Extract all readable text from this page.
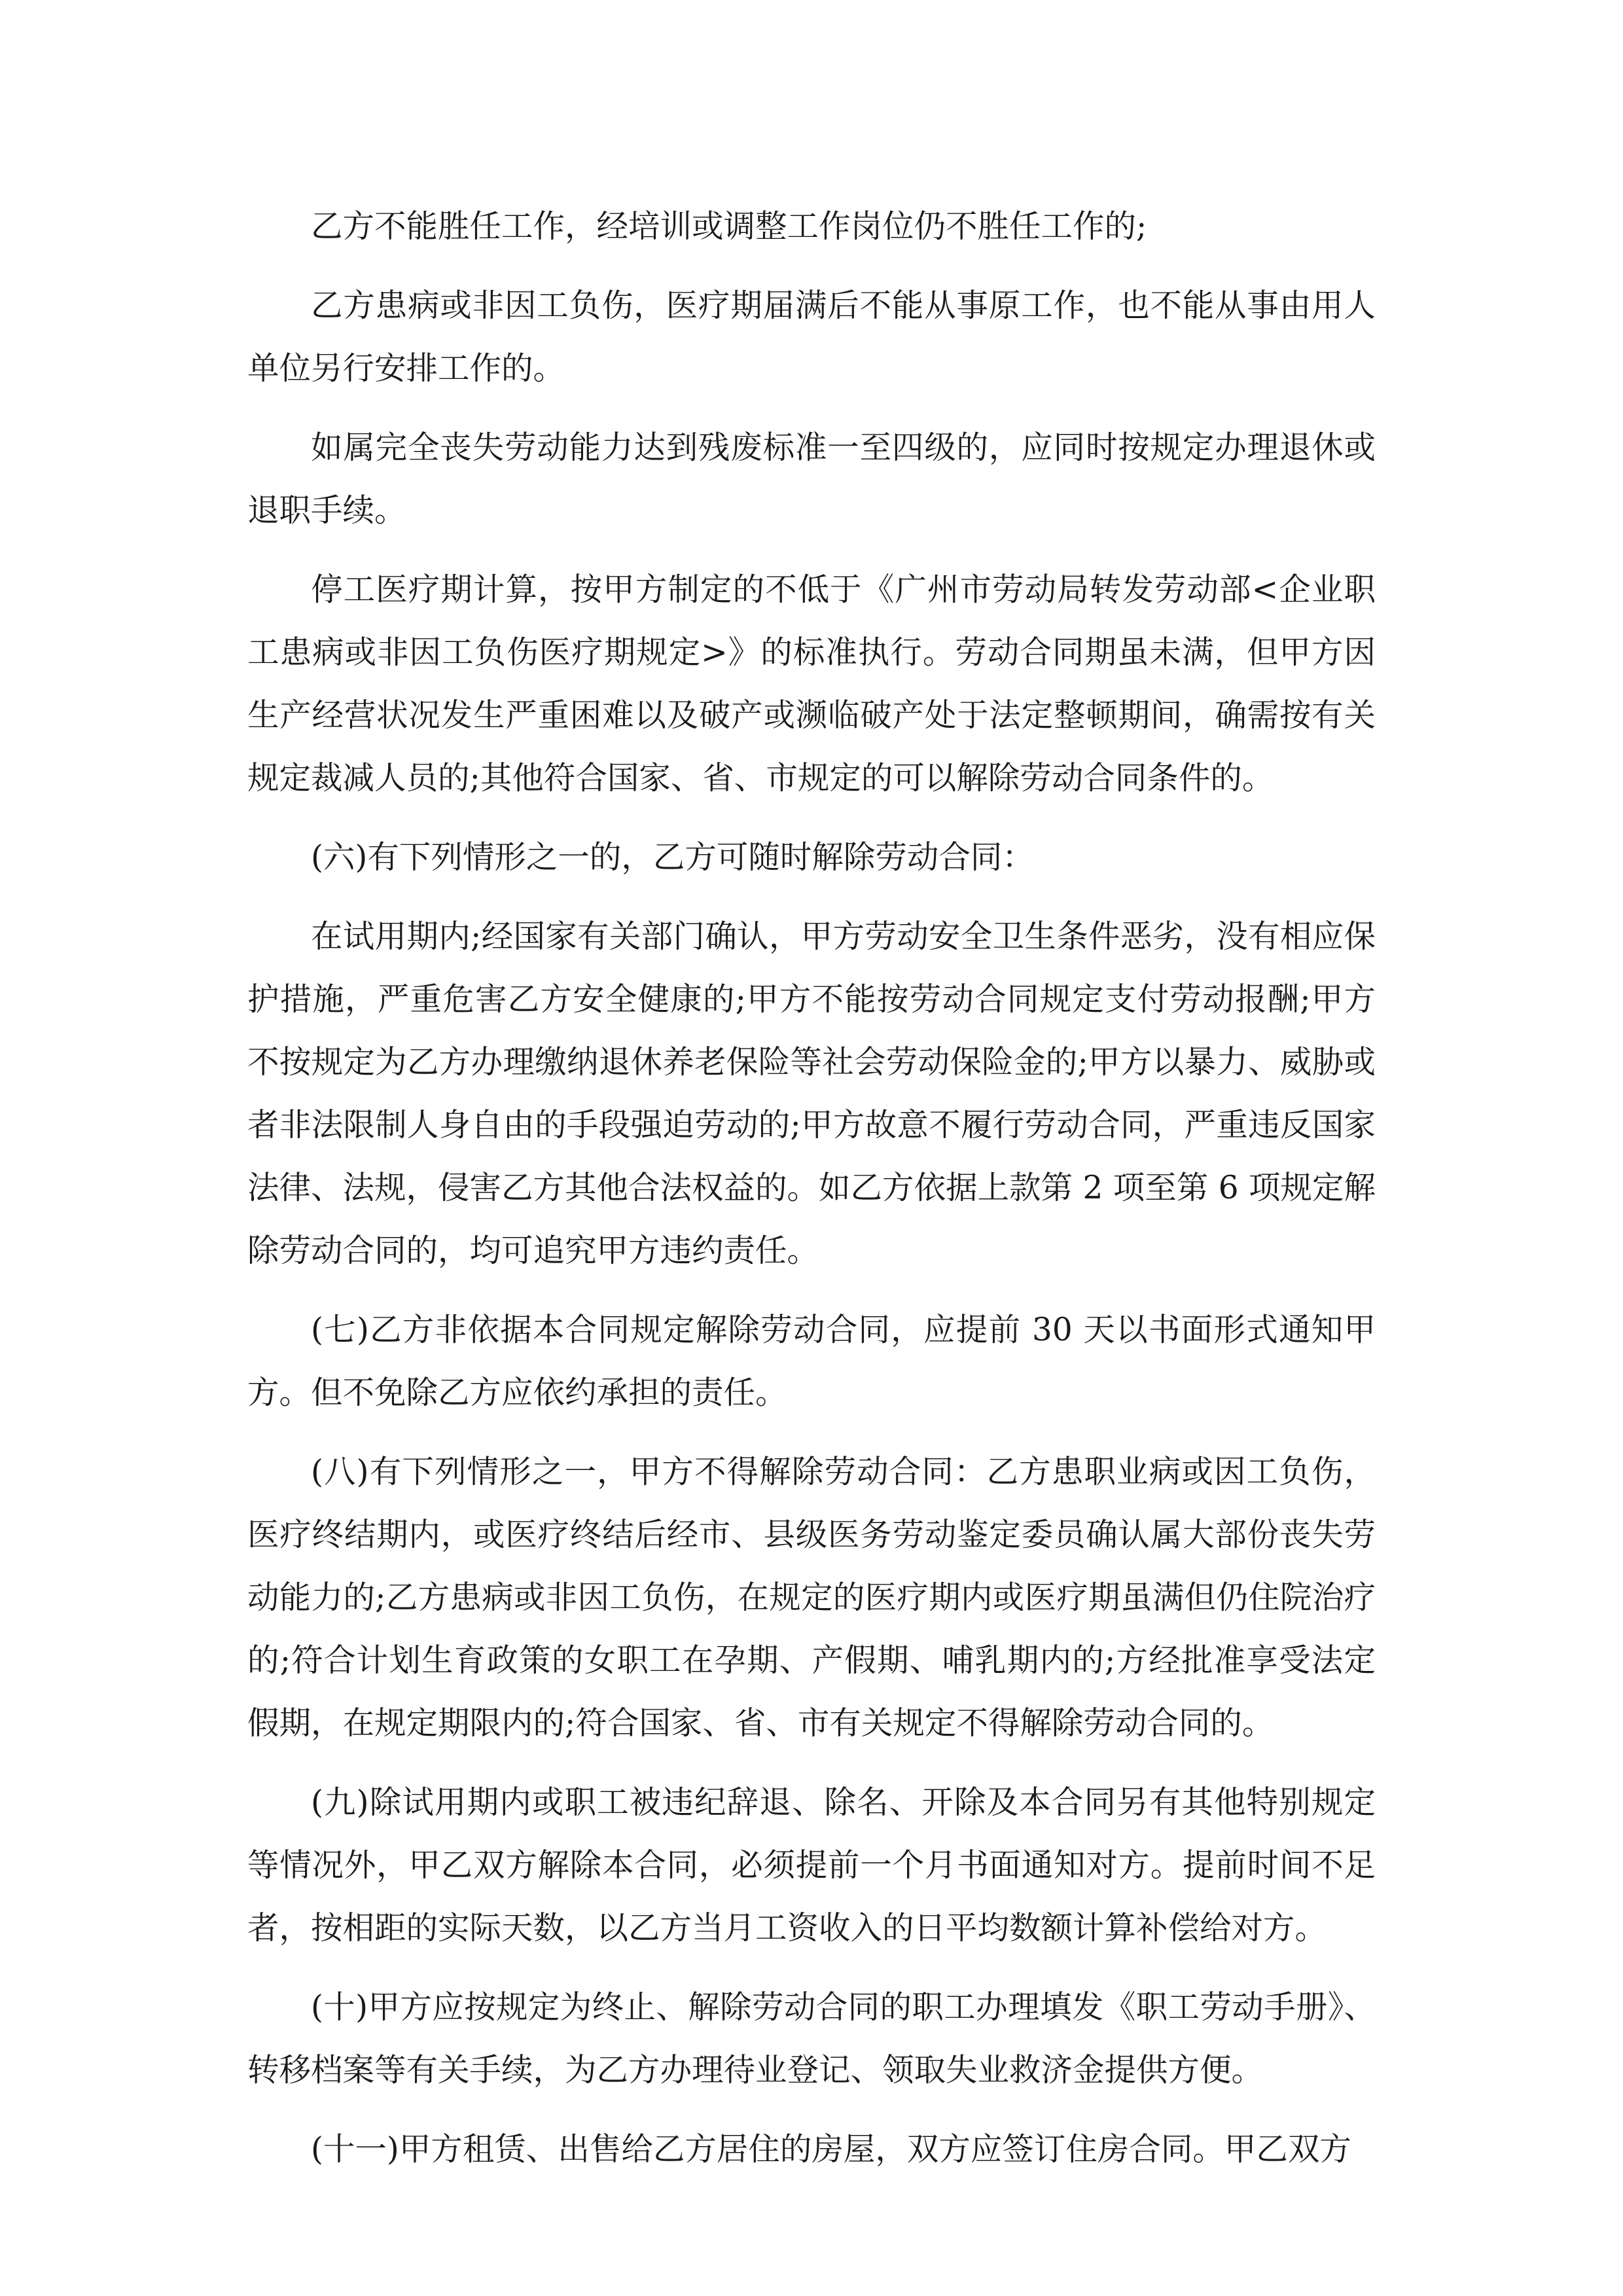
乙方不能胜任工作，经培训或调整工作岗位仍不胜任工作的;

乙方患病或非因工负伤，医疗期届满后不能从事原工作，也不能从事由用人单位另行安排工作的。

如属完全丧失劳动能力达到残废标准一至四级的，应同时按规定办理退休或退职手续。

停工医疗期计算，按甲方制定的不低于《广州市劳动局转发劳动部<企业职工患病或非因工负伤医疗期规定>》的标准执行。劳动合同期虽未满，但甲方因生产经营状况发生严重困难以及破产或濒临破产处于法定整顿期间，确需按有关规定裁减人员的;其他符合国家、省、市规定的可以解除劳动合同条件的。

(六)有下列情形之一的，乙方可随时解除劳动合同：

在试用期内;经国家有关部门确认，甲方劳动安全卫生条件恶劣，没有相应保护措施，严重危害乙方安全健康的;甲方不能按劳动合同规定支付劳动报酬;甲方不按规定为乙方办理缴纳退休养老保险等社会劳动保险金的;甲方以暴力、威胁或者非法限制人身自由的手段强迫劳动的;甲方故意不履行劳动合同，严重违反国家法律、法规，侵害乙方其他合法权益的。如乙方依据上款第 2 项至第 6 项规定解除劳动合同的，均可追究甲方违约责任。

(七)乙方非依据本合同规定解除劳动合同，应提前 30 天以书面形式通知甲方。但不免除乙方应依约承担的责任。

(八)有下列情形之一，甲方不得解除劳动合同：乙方患职业病或因工负伤，医疗终结期内，或医疗终结后经市、县级医务劳动鉴定委员确认属大部份丧失劳动能力的;乙方患病或非因工负伤，在规定的医疗期内或医疗期虽满但仍住院治疗的;符合计划生育政策的女职工在孕期、产假期、哺乳期内的;方经批准享受法定假期，在规定期限内的;符合国家、省、市有关规定不得解除劳动合同的。

(九)除试用期内或职工被违纪辞退、除名、开除及本合同另有其他特别规定等情况外，甲乙双方解除本合同，必须提前一个月书面通知对方。提前时间不足者，按相距的实际天数，以乙方当月工资收入的日平均数额计算补偿给对方。

(十)甲方应按规定为终止、解除劳动合同的职工办理填发《职工劳动手册》、转移档案等有关手续，为乙方办理待业登记、领取失业救济金提供方便。

(十一)甲方租赁、出售给乙方居住的房屋，双方应签订住房合同。甲乙双方
